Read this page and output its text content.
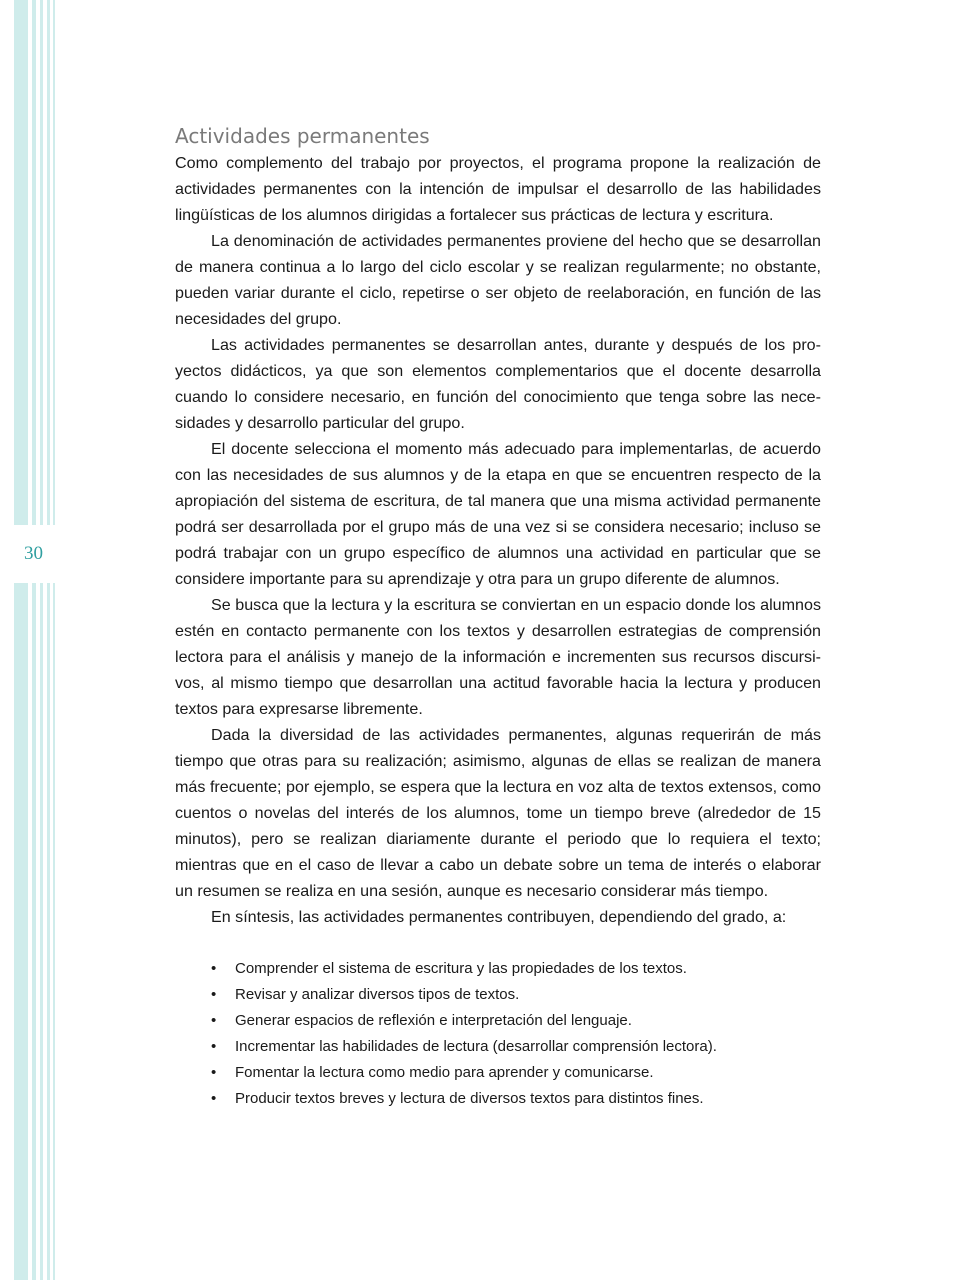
30
Actividades permanentes

Como complemento del trabajo por proyectos, el programa propone la realización de actividades permanentes con la intención de impulsar el desarrollo de las habilidades lingüísticas de los alumnos dirigidas a fortalecer sus prácticas de lectura y escritura.

La denominación de actividades permanentes proviene del hecho que se desarrollan de manera continua a lo largo del ciclo escolar y se realizan regularmente; no obstante, pueden variar durante el ciclo, repetirse o ser objeto de reelaboración, en función de las necesidades del grupo.

Las actividades permanentes se desarrollan antes, durante y después de los proyectos didácticos, ya que son elementos complementarios que el docente desarrolla cuando lo considere necesario, en función del conocimiento que tenga sobre las necesidades y desarrollo particular del grupo.

El docente selecciona el momento más adecuado para implementarlas, de acuerdo con las necesidades de sus alumnos y de la etapa en que se encuentren respecto de la apropiación del sistema de escritura, de tal manera que una misma actividad permanente podrá ser desarrollada por el grupo más de una vez si se considera necesario; incluso se podrá trabajar con un grupo específico de alumnos una actividad en particular que se considere importante para su aprendizaje y otra para un grupo diferente de alumnos.

Se busca que la lectura y la escritura se conviertan en un espacio donde los alumnos estén en contacto permanente con los textos y desarrollen estrategias de comprensión lectora para el análisis y manejo de la información e incrementen sus recursos discursivos, al mismo tiempo que desarrollan una actitud favorable hacia la lectura y producen textos para expresarse libremente.

Dada la diversidad de las actividades permanentes, algunas requerirán de más tiempo que otras para su realización; asimismo, algunas de ellas se realizan de manera más frecuente; por ejemplo, se espera que la lectura en voz alta de textos extensos, como cuentos o novelas del interés de los alumnos, tome un tiempo breve (alrededor de 15 minutos), pero se realizan diariamente durante el periodo que lo requiera el texto; mientras que en el caso de llevar a cabo un debate sobre un tema de interés o elaborar un resumen se realiza en una sesión, aunque es necesario considerar más tiempo.

En síntesis, las actividades permanentes contribuyen, dependiendo del grado, a:

• Comprender el sistema de escritura y las propiedades de los textos.
• Revisar y analizar diversos tipos de textos.
• Generar espacios de reflexión e interpretación del lenguaje.
• Incrementar las habilidades de lectura (desarrollar comprensión lectora).
• Fomentar la lectura como medio para aprender y comunicarse.
• Producir textos breves y lectura de diversos textos para distintos fines.
